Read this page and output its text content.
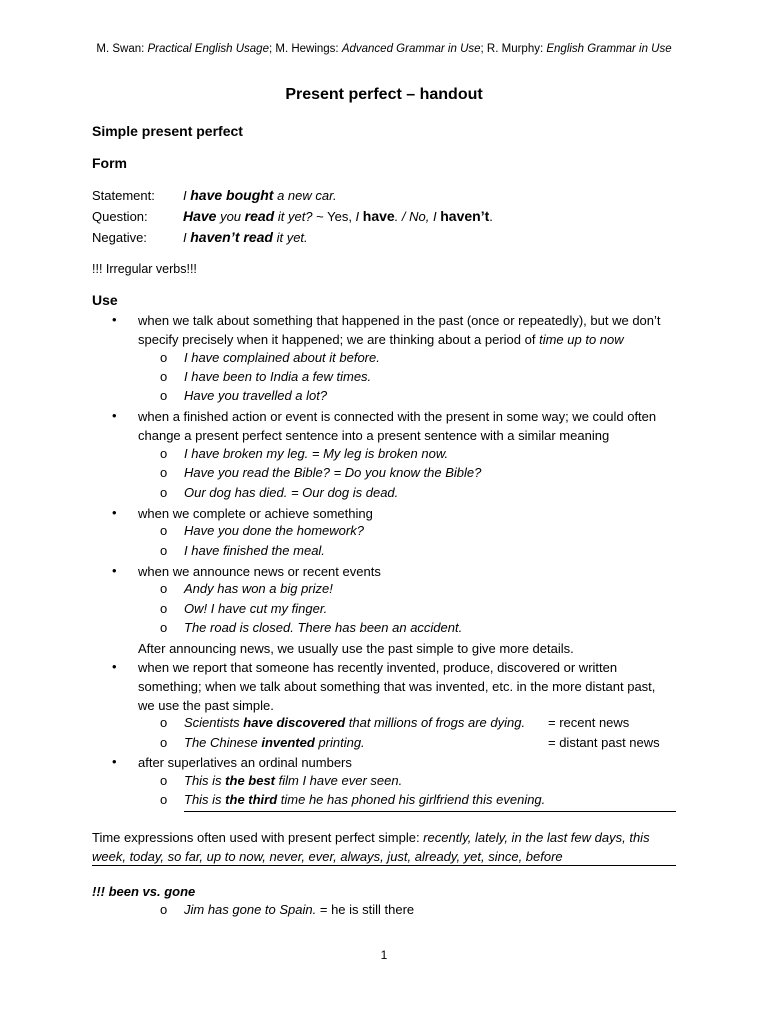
M. Swan: Practical English Usage; M. Hewings: Advanced Grammar in Use; R. Murphy: English Grammar in Use
Present perfect – handout
Simple present perfect
Form
Statement: I have bought a new car.
Question:	Have you read it yet? ~ Yes, I have. / No, I haven’t.
Negative:	I haven’t read it yet.
!!! Irregular verbs!!!
Use
• when we talk about something that happened in the past (once or repeatedly), but we don’t
specify precisely when it happened; we are thinking about a period of time up to now
o I have complained about it before.
o I have been to India a few times.
o Have you travelled a lot?
• when a finished action or event is connected with the present in some way; we could often
change a present perfect sentence into a present sentence with a similar meaning
o I have broken my leg. = My leg is broken now.
o Have you read the Bible? = Do you know the Bible?
o Our dog has died. = Our dog is dead.
• when we complete or achieve something
o Have you done the homework?
o I have finished the meal.
• when we announce news or recent events
o Andy has won a big prize!
o Ow! I have cut my finger.
o The road is closed. There has been an accident.
After announcing news, we usually use the past simple to give more details.
• when we report that someone has recently invented, produce, discovered or written
something; when we talk about something that was invented, etc. in the more distant past,
we use the past simple.
o Scientists have discovered that millions of frogs are dying. = recent news
o The Chinese invented printing.	= distant past news
• after superlatives an ordinal numbers
o This is the best film I have ever seen.
o This is the third time he has phoned his girlfriend this evening.
Time expressions often used with present perfect simple: recently, lately, in the last few days, this
week, today, so far, up to now, never, ever, always, just, already, yet, since, before
!!! been vs. gone
o Jim has gone to Spain. = he is still there
1
